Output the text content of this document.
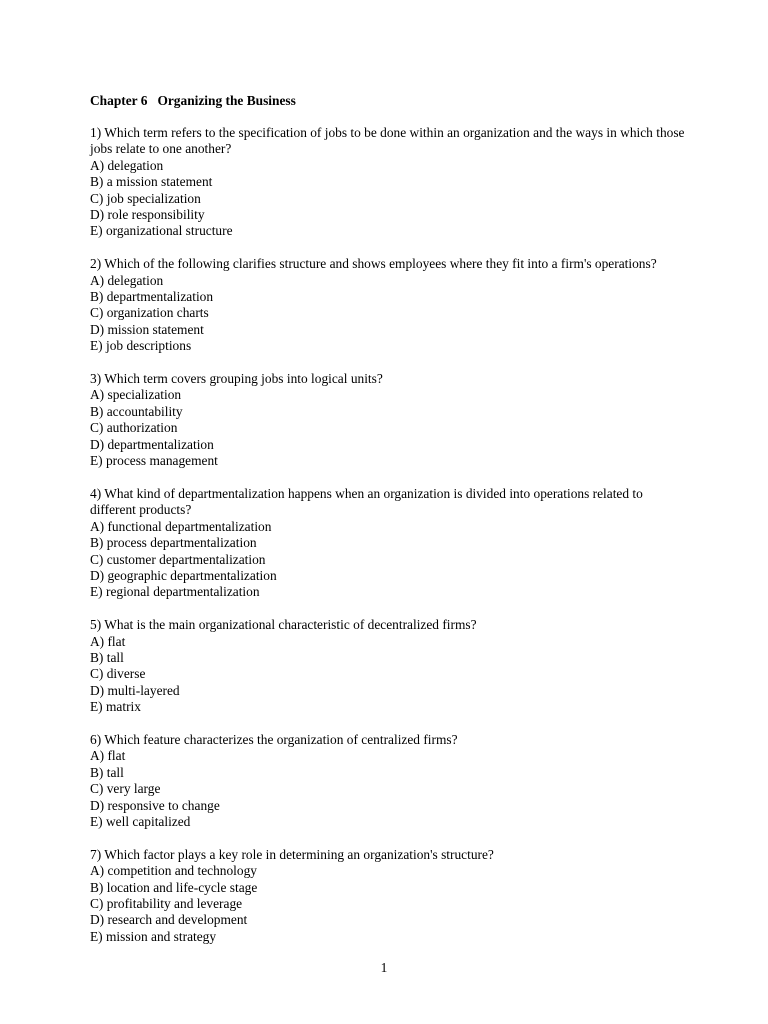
Chapter 6   Organizing the Business
1) Which term refers to the specification of jobs to be done within an organization and the ways in which those jobs relate to one another?
A) delegation
B) a mission statement
C) job specialization
D) role responsibility
E) organizational structure
2) Which of the following clarifies structure and shows employees where they fit into a firm's operations?
A) delegation
B) departmentalization
C) organization charts
D) mission statement
E) job descriptions
3) Which term covers grouping jobs into logical units?
A) specialization
B) accountability
C) authorization
D) departmentalization
E) process management
4) What kind of departmentalization happens when an organization is divided into operations related to different products?
A) functional departmentalization
B) process departmentalization
C) customer departmentalization
D) geographic departmentalization
E) regional departmentalization
5) What is the main organizational characteristic of decentralized firms?
A) flat
B) tall
C) diverse
D) multi-layered
E) matrix
6) Which feature characterizes the organization of centralized firms?
A) flat
B) tall
C) very large
D) responsive to change
E) well capitalized
7) Which factor plays a key role in determining an organization's structure?
A) competition and technology
B) location and life-cycle stage
C) profitability and leverage
D) research and development
E) mission and strategy
1
